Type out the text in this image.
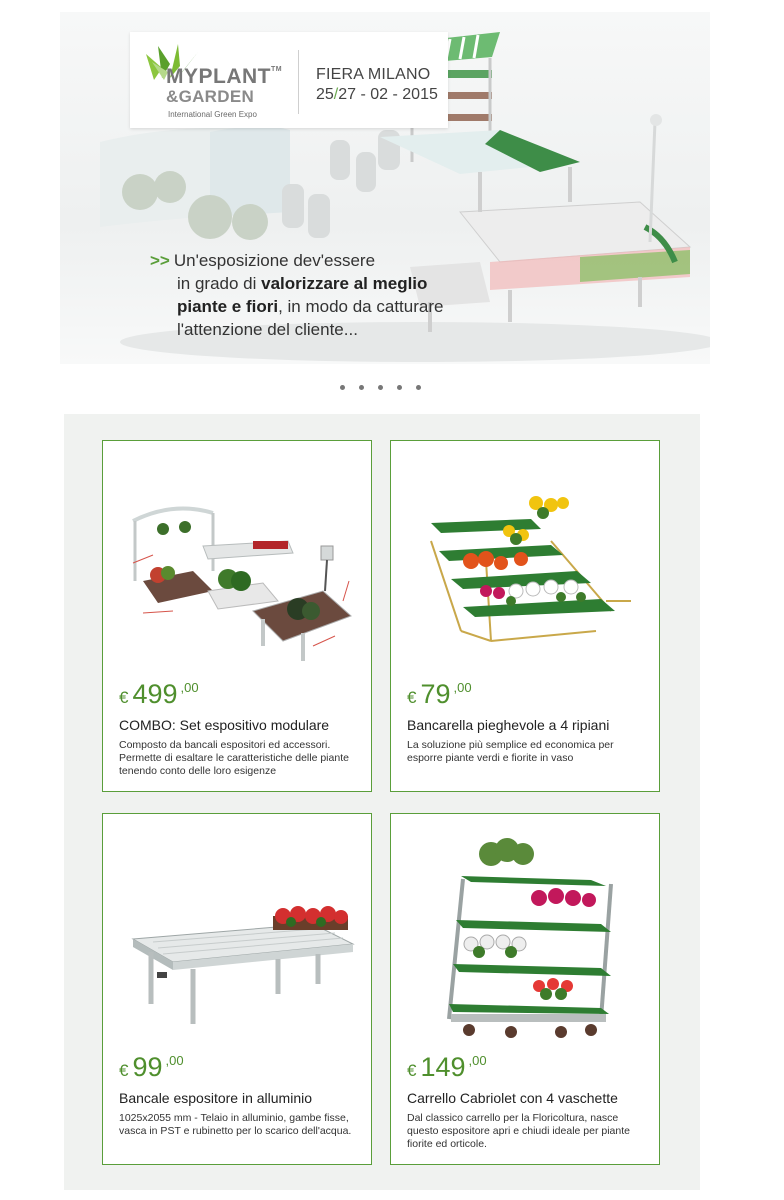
MYPLANT™
&GARDEN
International Green Expo
FIERA MILANO
25/27 - 02 - 2015
>> Un'esposizione dev'essere
in grado di valorizzare al meglio
piante e fiori, in modo da catturare
l'attenzione del cliente...
€ 499 $^{,00}$
COMBO: Set espositivo modulare
Composto da bancali espositori ed accessori. Permette di esaltare le caratteristiche delle piante tenendo conto delle loro esigenze
€ 79 $^{,00}$
Bancarella pieghevole a 4 ripiani
La soluzione più semplice ed economica per esporre piante verdi e fiorite in vaso
€ 99 $^{,00}$
Bancale espositore in alluminio
1025x2055 mm - Telaio in alluminio, gambe fisse, vasca in PST e rubinetto per lo scarico dell'acqua.
€ 149 $^{,00}$
Carrello Cabriolet con 4 vaschette
Dal classico carrello per la Floricoltura, nasce questo espositore apri e chiudi ideale per piante fiorite ed orticole.
